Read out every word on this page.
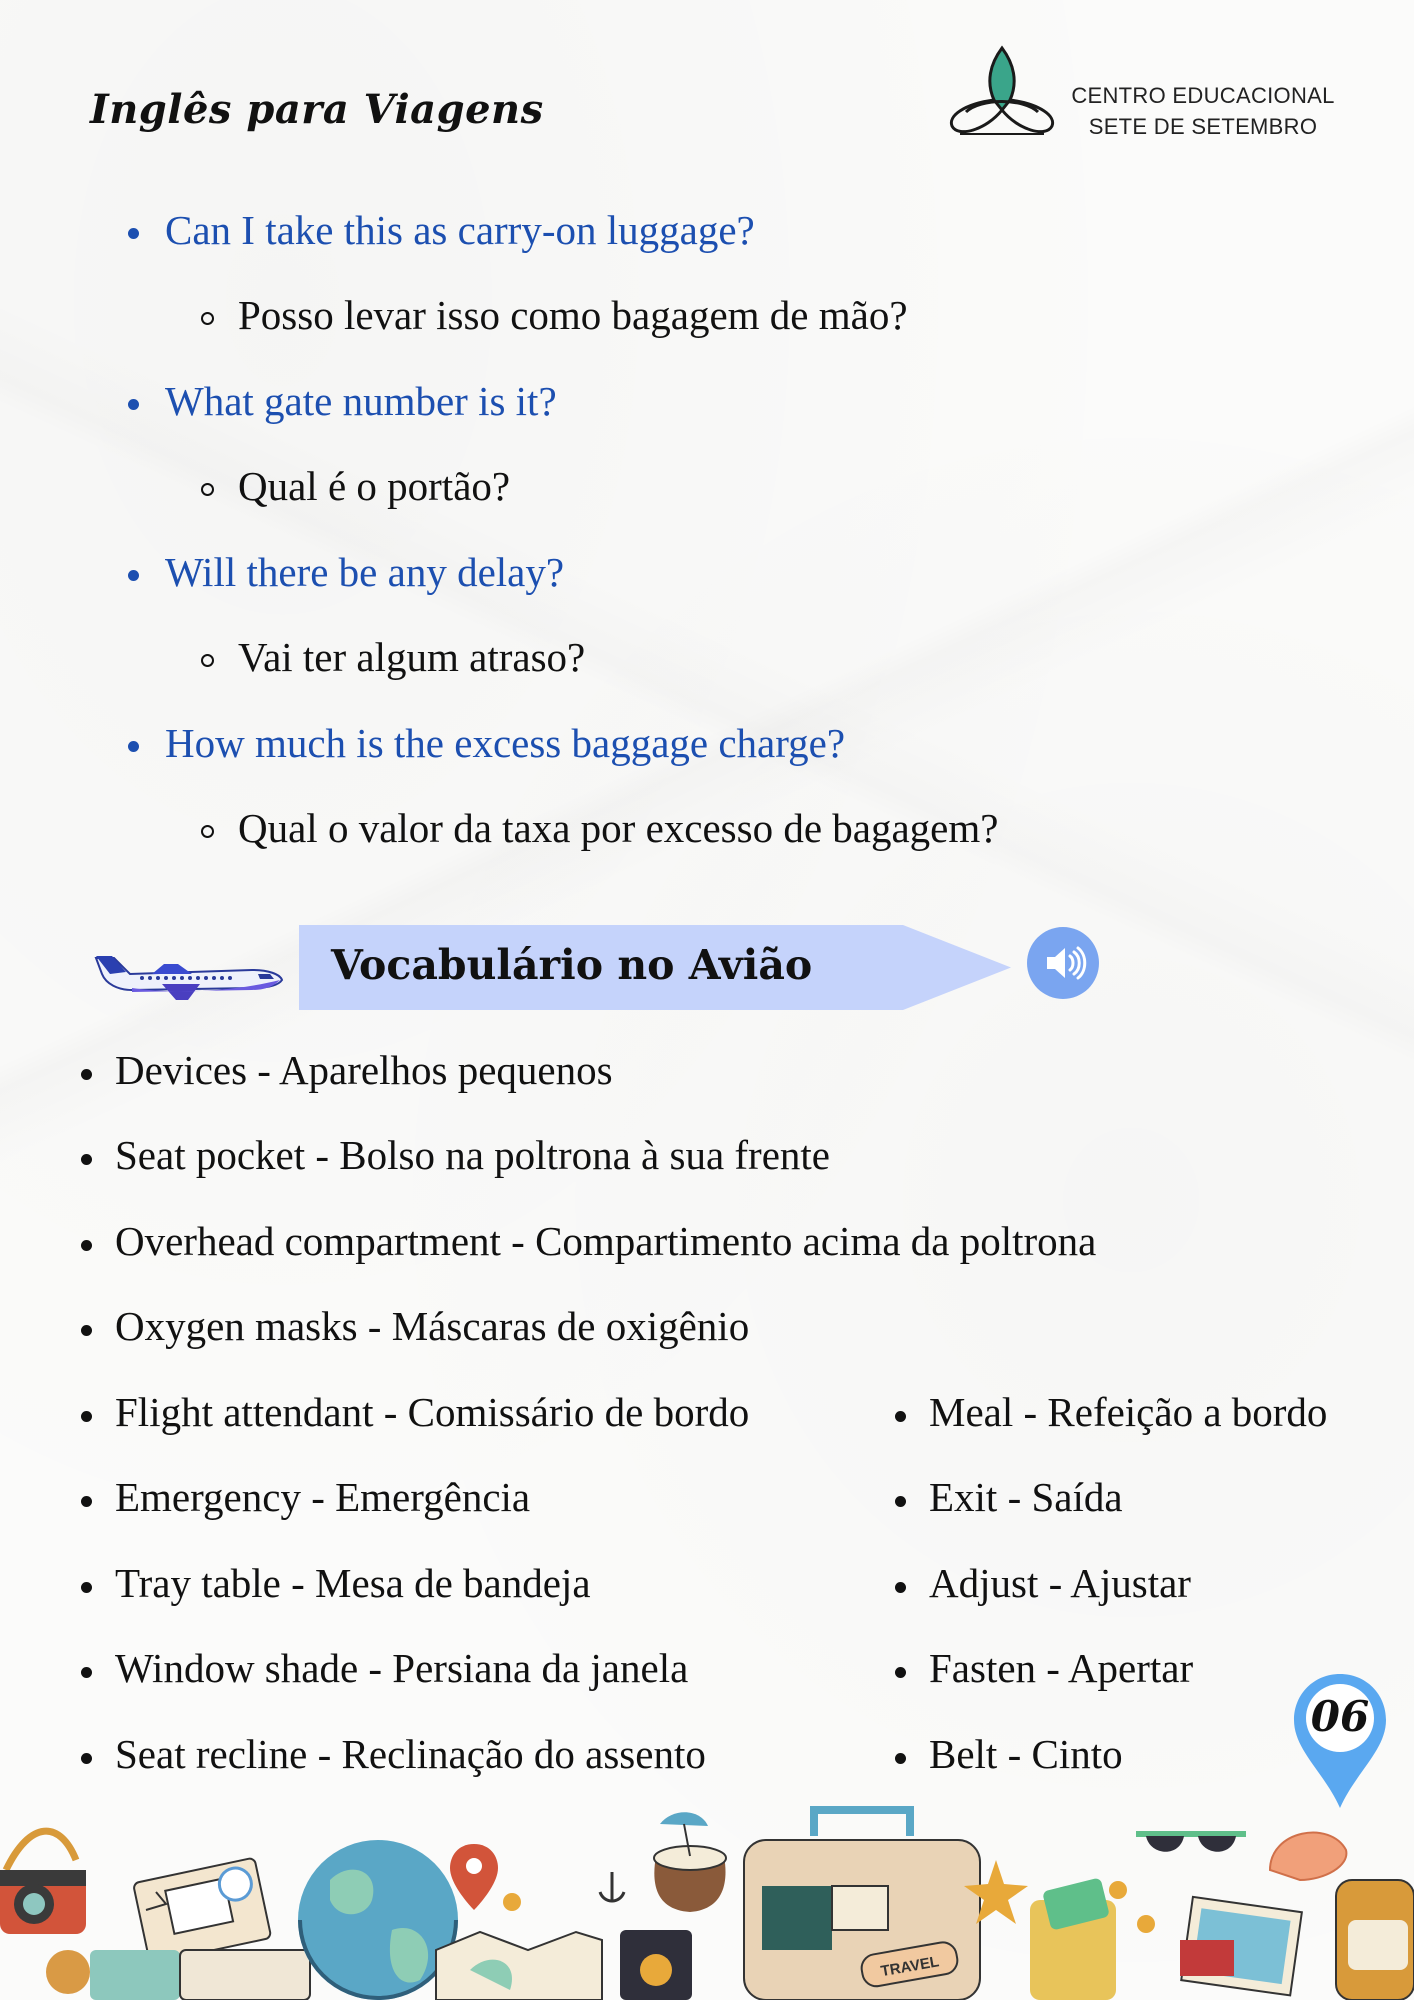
Inglês para Viagens	CENTRO EDUCACIONAL
SETE DE SETEMBRO
Can I take this as carry-on luggage?
Posso levar isso como bagagem de mão?
What gate number is it?
Qual é o portão?
Will there be any delay?
Vai ter algum atraso?
How much is the excess baggage charge?
Qual o valor da taxa por excesso de bagagem?
Vocabulário no Avião
Devices - Aparelhos pequenos
Seat pocket - Bolso na poltrona à sua frente
Overhead compartment - Compartimento acima da poltrona
Oxygen masks - Máscaras de oxigênio
Flight attendant - Comissário de bordo
Emergency - Emergência
Tray table - Mesa de bandeja
Window shade - Persiana da janela
Seat recline - Reclinação do assento
Meal - Refeição a bordo
Exit - Saída
Adjust - Ajustar
Fasten - Apertar
Belt - Cinto
06
TRAVEL
